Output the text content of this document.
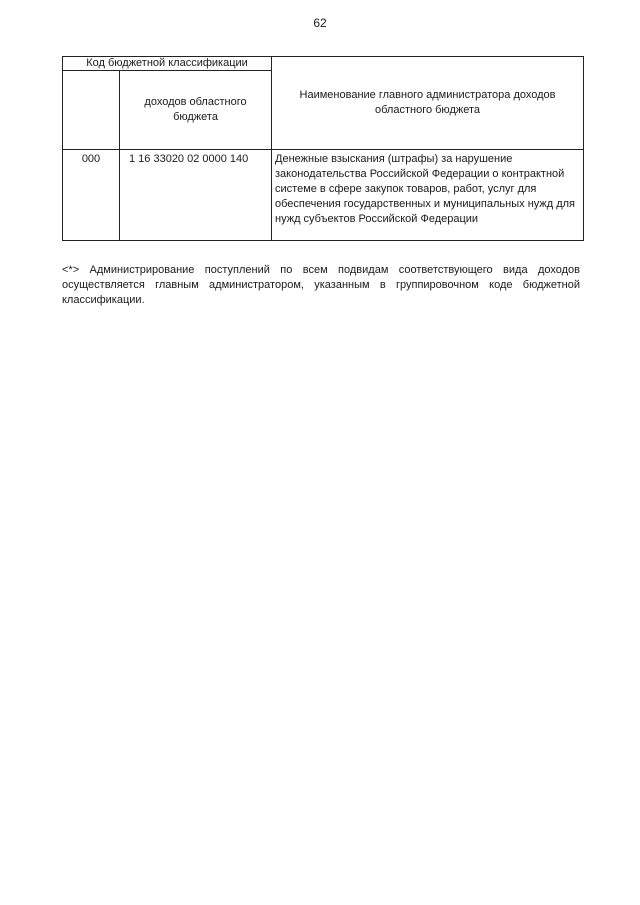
62
Код бюджетной классификации		Наименование главного администратора доходов областного бюджета
	доходов областного бюджета	
000	1 16 33020 02 0000 140	Денежные взыскания (штрафы) за нарушение законодательства Российской Федерации о контрактной системе в сфере закупок товаров, работ, услуг для обеспечения государственных и муниципальных нужд для нужд субъектов Российской Федерации
<*> Администрирование поступлений по всем подвидам соответствующего вида доходов осуществляется главным администратором, указанным в группировочном коде бюджетной классификации.
